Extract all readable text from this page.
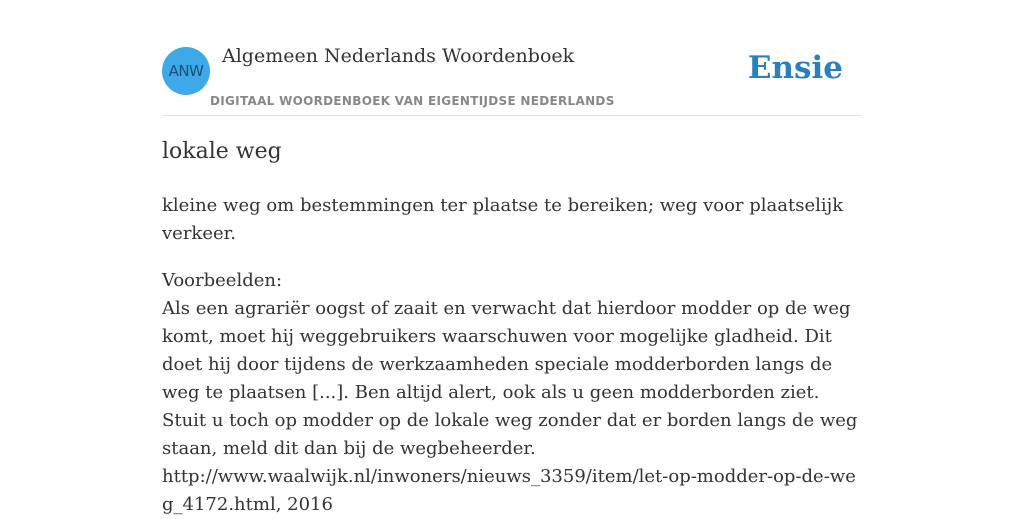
ANW
Algemeen Nederlands Woordenboek
DIGITAAL WOORDENBOEK VAN EIGENTIJDSE NEDERLANDS
Ensie
lokale weg

kleine weg om bestemmingen ter plaatse te bereiken; weg voor plaatselijk verkeer.

Voorbeelden:
Als een agrariër oogst of zaait en verwacht dat hierdoor modder op de weg komt, moet hij weggebruikers waarschuwen voor mogelijke gladheid. Dit doet hij door tijdens de werkzaamheden speciale modderborden langs de weg te plaatsen [...]. Ben altijd alert, ook als u geen modderborden ziet. Stuit u toch op modder op de lokale weg zonder dat er borden langs de weg staan, meld dit dan bij de wegbeheerder.
http://www.waalwijk.nl/inwoners/nieuws_3359/item/let-op-modder-op-de-weg_4172.html, 2016
